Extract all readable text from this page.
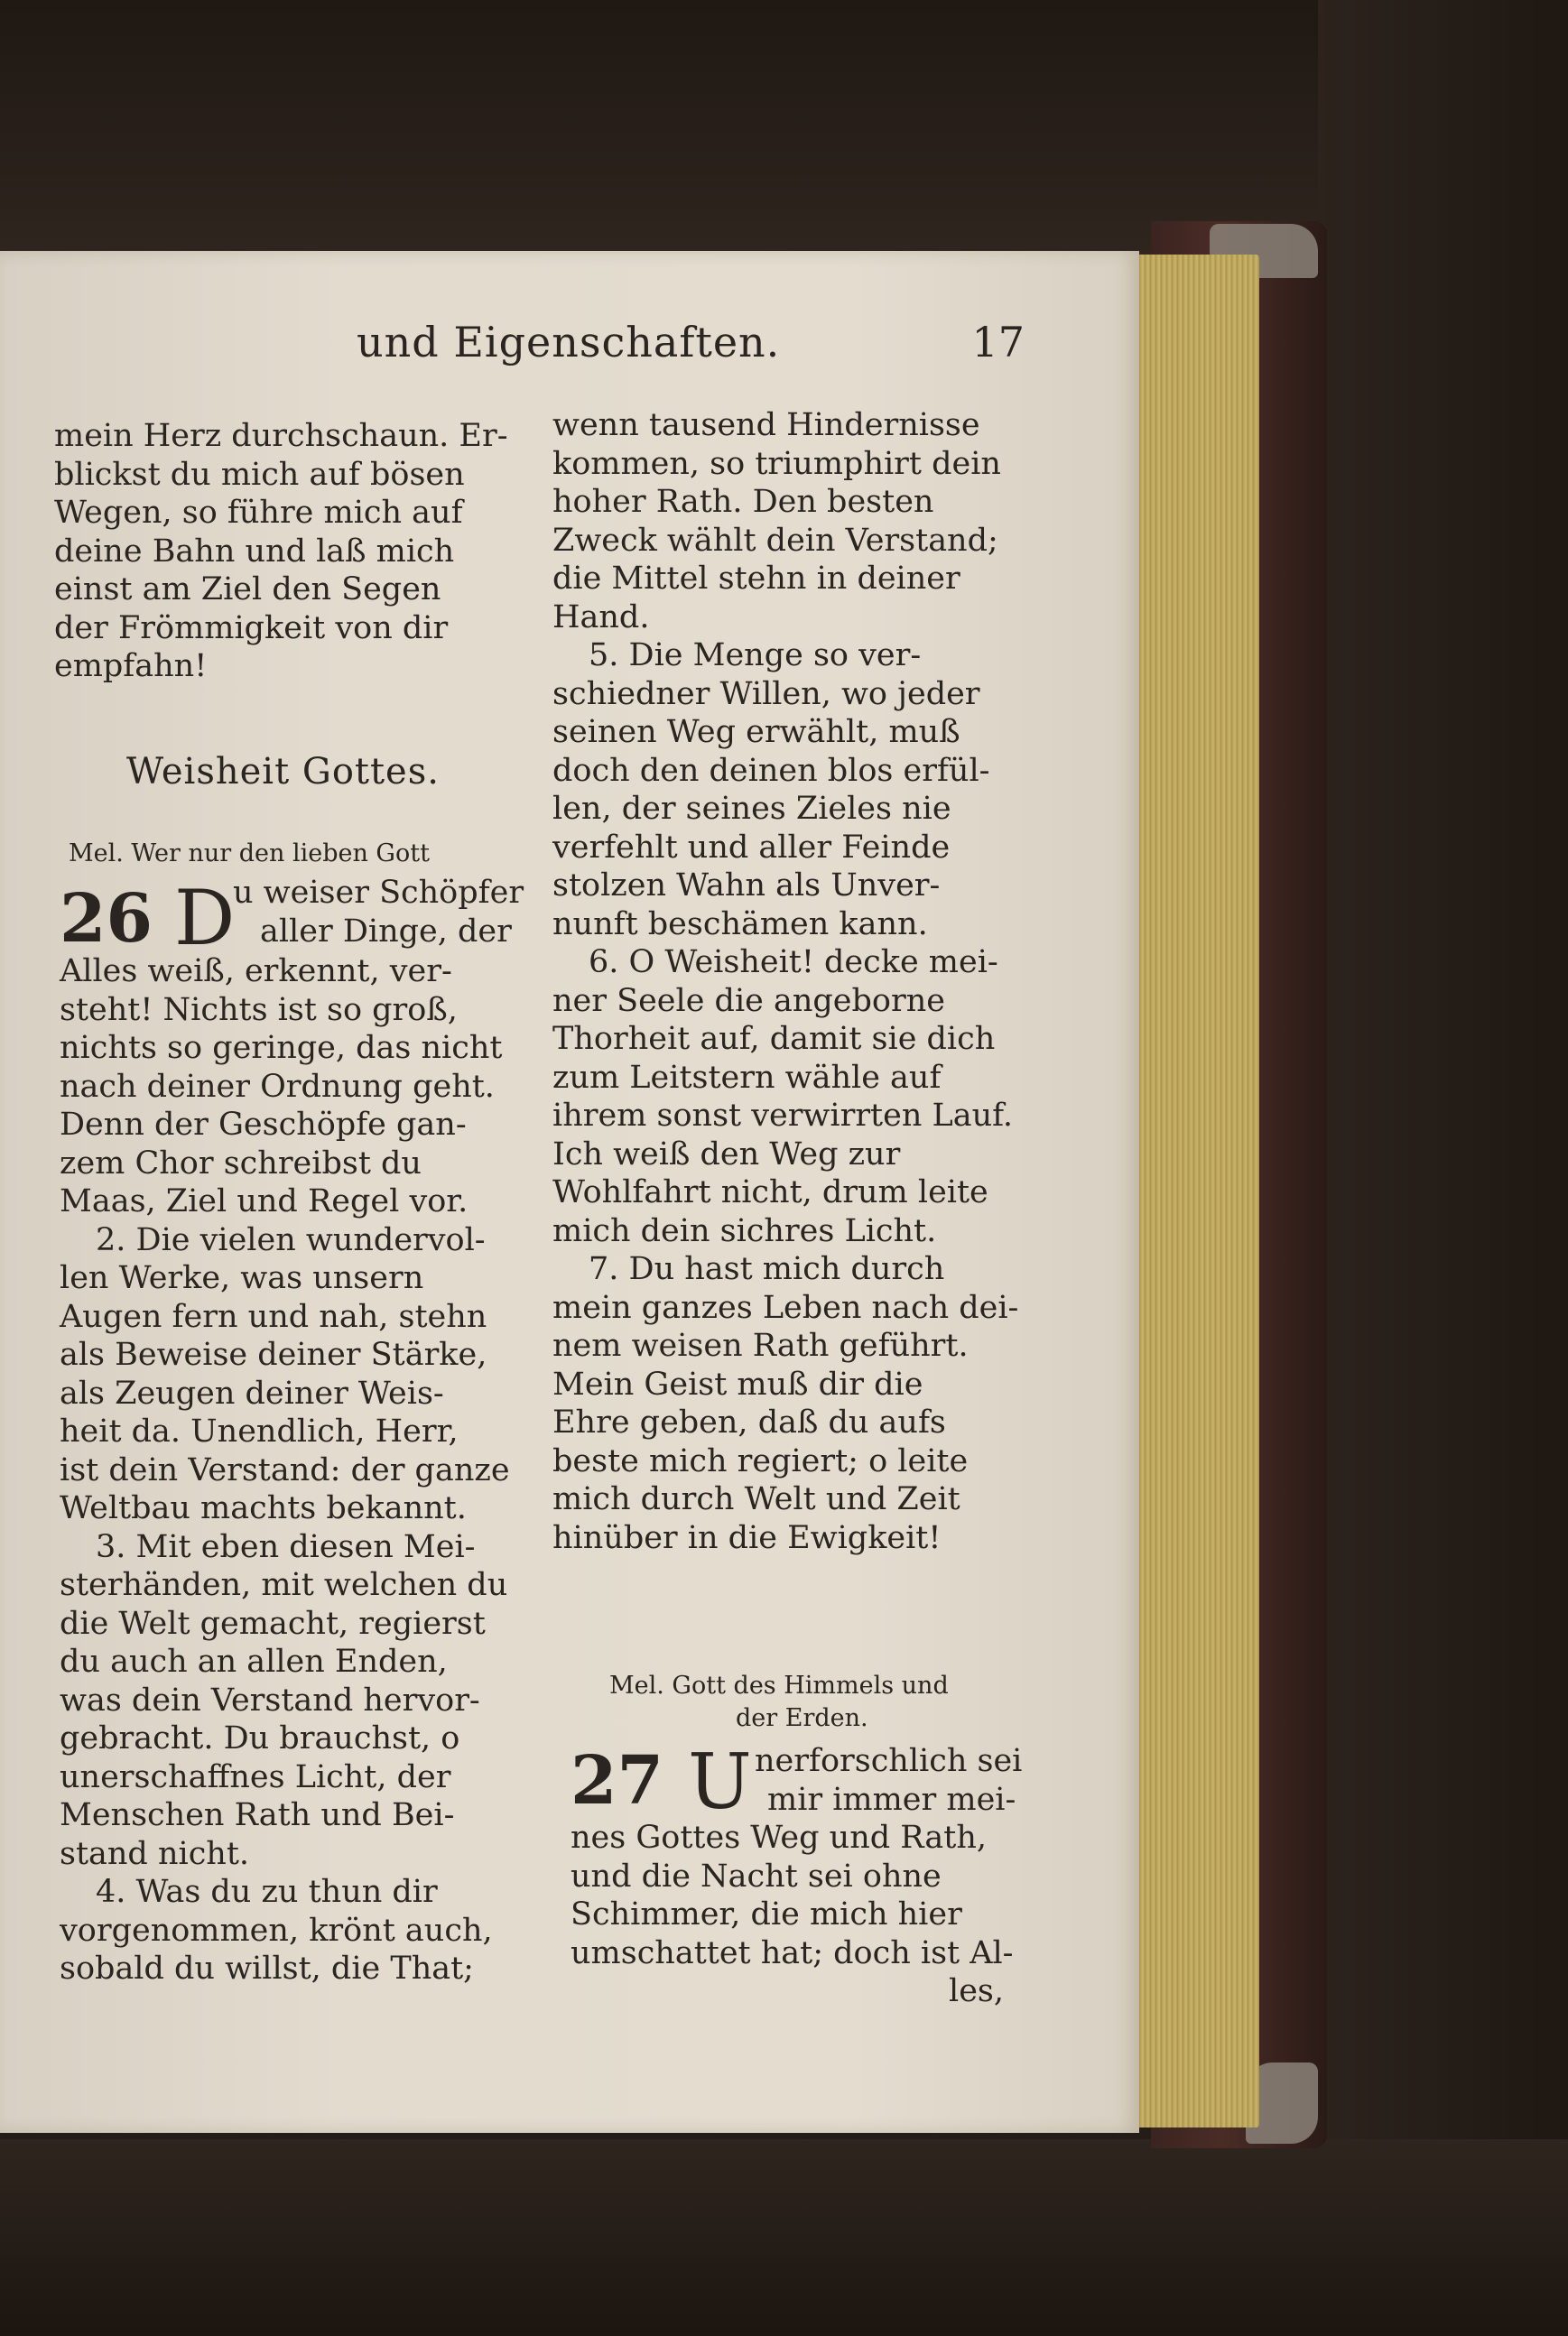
und Eigenschaften.	17
mein Herz durchschaun. Er-
blickst du mich auf bösen
Wegen, so führe mich auf
deine Bahn und laß mich
einst am Ziel den Segen
der Frömmigkeit von dir
empfahn!
Weisheit Gottes.
Mel. Wer nur den lieben Gott
26 D
u weiser Schöpfer
aller Dinge, der
Alles weiß, erkennt, ver-
steht! Nichts ist so groß,
nichts so geringe, das nicht
nach deiner Ordnung geht.
Denn der Geschöpfe gan-
zem Chor schreibst du
Maas, Ziel und Regel vor.
2. Die vielen wundervol-
len Werke, was unsern
Augen fern und nah, stehn
als Beweise deiner Stärke,
als Zeugen deiner Weis-
heit da. Unendlich, Herr,
ist dein Verstand: der ganze
Weltbau machts bekannt.
3. Mit eben diesen Mei-
sterhänden, mit welchen du
die Welt gemacht, regierst
du auch an allen Enden,
was dein Verstand hervor-
gebracht. Du brauchst, o
unerschaffnes Licht, der
Menschen Rath und Bei-
stand nicht.
4. Was du zu thun dir
vorgenommen, krönt auch,
sobald du willst, die That;
wenn tausend Hindernisse
kommen, so triumphirt dein
hoher Rath. Den besten
Zweck wählt dein Verstand;
die Mittel stehn in deiner
Hand.
5. Die Menge so ver-
schiedner Willen, wo jeder
seinen Weg erwählt, muß
doch den deinen blos erfül-
len, der seines Zieles nie
verfehlt und aller Feinde
stolzen Wahn als Unver-
nunft beschämen kann.
6. O Weisheit! decke mei-
ner Seele die angeborne
Thorheit auf, damit sie dich
zum Leitstern wähle auf
ihrem sonst verwirrten Lauf.
Ich weiß den Weg zur
Wohlfahrt nicht, drum leite
mich dein sichres Licht.
7. Du hast mich durch
mein ganzes Leben nach dei-
nem weisen Rath geführt.
Mein Geist muß dir die
Ehre geben, daß du aufs
beste mich regiert; o leite
mich durch Welt und Zeit
hinüber in die Ewigkeit!
Mel. Gott des Himmels und
der Erden.
27 U nerforschlich sei
mir immer mei-
nes Gottes Weg und Rath,
und die Nacht sei ohne
Schimmer, die mich hier
umschattet hat; doch ist Al-
les,
